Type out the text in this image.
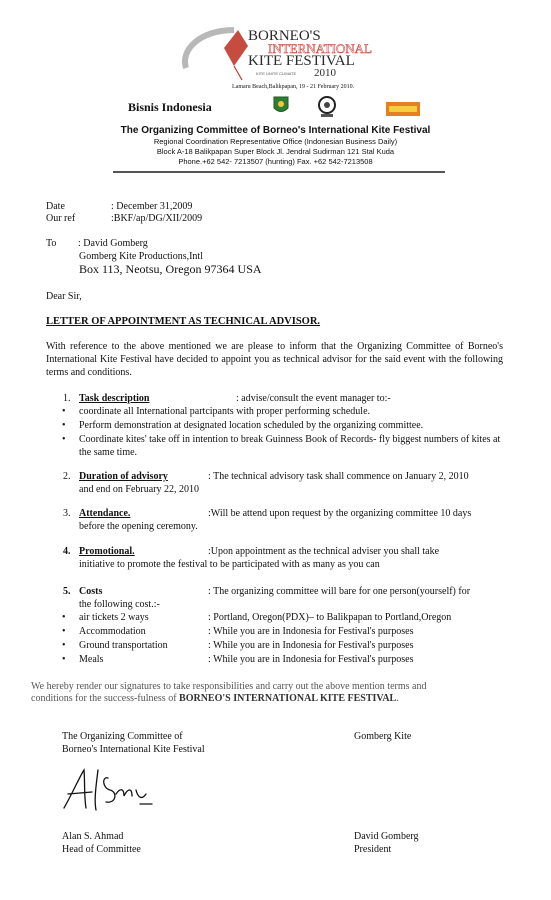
BORNEO'S
INTERNATIONAL
KITE FESTIVAL
2010
KITE UNITE CLIMATE
Lamaru Beach,Balikpapan, 19 - 21 February 2010.
Bisnis Indonesia
The Organizing Committee of Borneo's International Kite Festival
Regional Coordination Representative Office (Indonesian Business Daily)
Block A-18 Balikpapan Super Block Jl. Jendral Sudirman 121 Stal Kuda
Phone.+62 542- 7213507 (hunting) Fax. +62 542-7213508
Date	: December 31,2009
Our ref	:BKF/ap/DG/XII/2009
To : David Gomberg
Gomberg Kite Productions,Intl
Box 113, Neotsu, Oregon 97364 USA
Dear Sir,
LETTER OF APPOINTMENT AS TECHNICAL ADVISOR.
With reference to the above mentioned we are please to inform that the Organizing Committee of Borneo's International Kite Festival have decided to appoint you as technical advisor for the said event with the following terms and conditions.
1. Task description	: advise/consult the event manager to:-
• coordinate all International partcipants with proper performing schedule.
• Perform demonstration at designated location scheduled by the organizing committee.
• Coordinate kites' take off in intention to break Guinness Book of Records- fly biggest numbers of kites at the same time.
2. Duration of advisory	: The technical advisory task shall commence on January 2, 2010
and end on February 22, 2010
3. Attendance.	:Will be attend upon request by the organizing committee 10 days
before the opening ceremony.
4. Promotional.	:Upon appointment as the technical adviser you shall take
initiative to promote the festival to be participated with as many as you can
5. Costs	: The organizing committee will bare for one person(yourself) for
the following cost.:-
• air tickets 2 ways	: Portland, Oregon(PDX)– to Balikpapan to Portland,Oregon
• Accommodation	: While you are in Indonesia for Festival's purposes
• Ground transportation	: While you are in Indonesia for Festival's purposes
• Meals	: While you are in Indonesia for Festival's purposes
We hereby render our signatures to take responsibilities and carry out the above mention terms and
conditions for the success-fulness of BORNEO'S INTERNATIONAL KITE FESTIVAL.
The Organizing Committee of
Borneo's International Kite Festival
Gomberg Kite
Alan S. Ahmad
Head of Committee
David Gomberg
President
